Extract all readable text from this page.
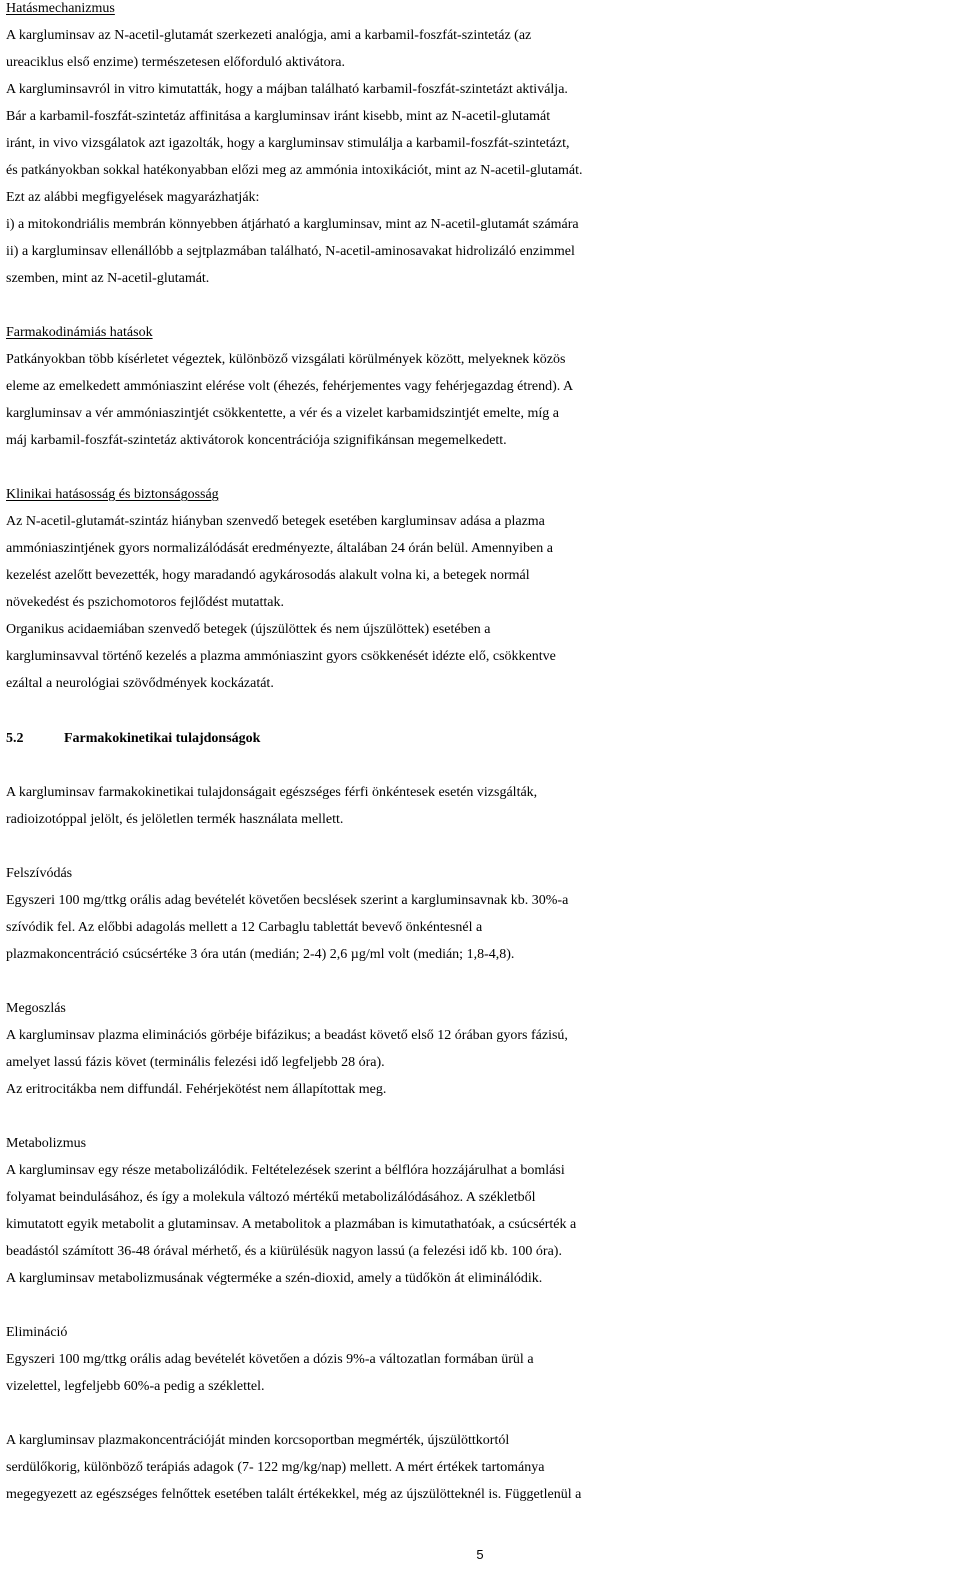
Hatásmechanizmus
A kargluminsav az N-acetil-glutamát szerkezeti analógja, ami a karbamil-foszfát-szintetáz (az
ureaciklus első enzime) természetesen előforduló aktivátora.
A kargluminsavról in vitro kimutatták, hogy a májban található karbamil-foszfát-szintetázt aktiválja.
Bár a karbamil-foszfát-szintetáz affinitása a kargluminsav iránt kisebb, mint az N-acetil-glutamát
iránt, in vivo vizsgálatok azt igazolták, hogy a kargluminsav stimulálja a karbamil-foszfát-szintetázt,
és patkányokban sokkal hatékonyabban előzi meg az ammónia intoxikációt, mint az N-acetil-glutamát.
Ezt az alábbi megfigyelések magyarázhatják:
i) a mitokondriális membrán könnyebben átjárható a kargluminsav, mint az N-acetil-glutamát számára
ii) a kargluminsav ellenállóbb a sejtplazmában található, N-acetil-aminosavakat hidrolizáló enzimmel
szemben, mint az N-acetil-glutamát.
Farmakodinámiás hatások
Patkányokban több kísérletet végeztek, különböző vizsgálati körülmények között, melyeknek közös
eleme az emelkedett ammóniaszint elérése volt (éhezés, fehérjementes vagy fehérjegazdag étrend). A
kargluminsav a vér ammóniaszintjét csökkentette, a vér és a vizelet karbamidszintjét emelte, míg a
máj karbamil-foszfát-szintetáz aktivátorok koncentrációja szignifikánsan megemelkedett.
Klinikai hatásosság és biztonságosság
Az N-acetil-glutamát-szintáz hiányban szenvedő betegek esetében kargluminsav adása a plazma
ammóniaszintjének gyors normalizálódását eredményezte, általában 24 órán belül. Amennyiben a
kezelést azelőtt bevezették, hogy maradandó agykárosodás alakult volna ki, a betegek normál
növekedést és pszichomotoros fejlődést mutattak.
Organikus acidaemiában szenvedő betegek (újszülöttek és nem újszülöttek) esetében a
kargluminsavval történő kezelés a plazma ammóniaszint gyors csökkenését idézte elő, csökkentve
ezáltal a neurológiai szövődmények kockázatát.
5.2	Farmakokinetikai tulajdonságok
A kargluminsav farmakokinetikai tulajdonságait egészséges férfi önkéntesek esetén vizsgálták,
radioizotóppal jelölt, és jelöletlen termék használata mellett.
Felszívódás
Egyszeri 100 mg/ttkg orális adag bevételét követően becslések szerint a kargluminsavnak kb. 30%-a
szívódik fel. Az előbbi adagolás mellett a 12 Carbaglu tablettát bevevő önkéntesnél a
plazmakoncentráció csúcsértéke 3 óra után (medián; 2-4) 2,6 µg/ml volt (medián; 1,8-4,8).
Megoszlás
A kargluminsav plazma eliminációs görbéje bifázikus; a beadást követő első 12 órában gyors fázisú,
amelyet lassú fázis követ (terminális felezési idő legfeljebb 28 óra).
Az eritrocitákba nem diffundál. Fehérjekötést nem állapítottak meg.
Metabolizmus
A kargluminsav egy része metabolizálódik. Feltételezések szerint a bélflóra hozzájárulhat a bomlási
folyamat beindulásához, és így a molekula változó mértékű metabolizálódásához. A székletből
kimutatott egyik metabolit a glutaminsav. A metabolitok a plazmában is kimutathatóak, a csúcsérték a
beadástól számított 36-48 órával mérhető, és a kiürülésük nagyon lassú (a felezési idő kb. 100 óra).
A kargluminsav metabolizmusának végterméke a szén-dioxid, amely a tüdőkön át eliminálódik.
Elimináció
Egyszeri 100 mg/ttkg orális adag bevételét követően a dózis 9%-a változatlan formában ürül a
vizelettel, legfeljebb 60%-a pedig a széklettel.
A kargluminsav plazmakoncentrációját minden korcsoportban megmérték, újszülöttkortól
serdülőkorig, különböző terápiás adagok (7- 122 mg/kg/nap) mellett. A mért értékek tartománya
megegyezett az egészséges felnőttek esetében talált értékekkel, még az újszülötteknél is. Függetlenül a
5
